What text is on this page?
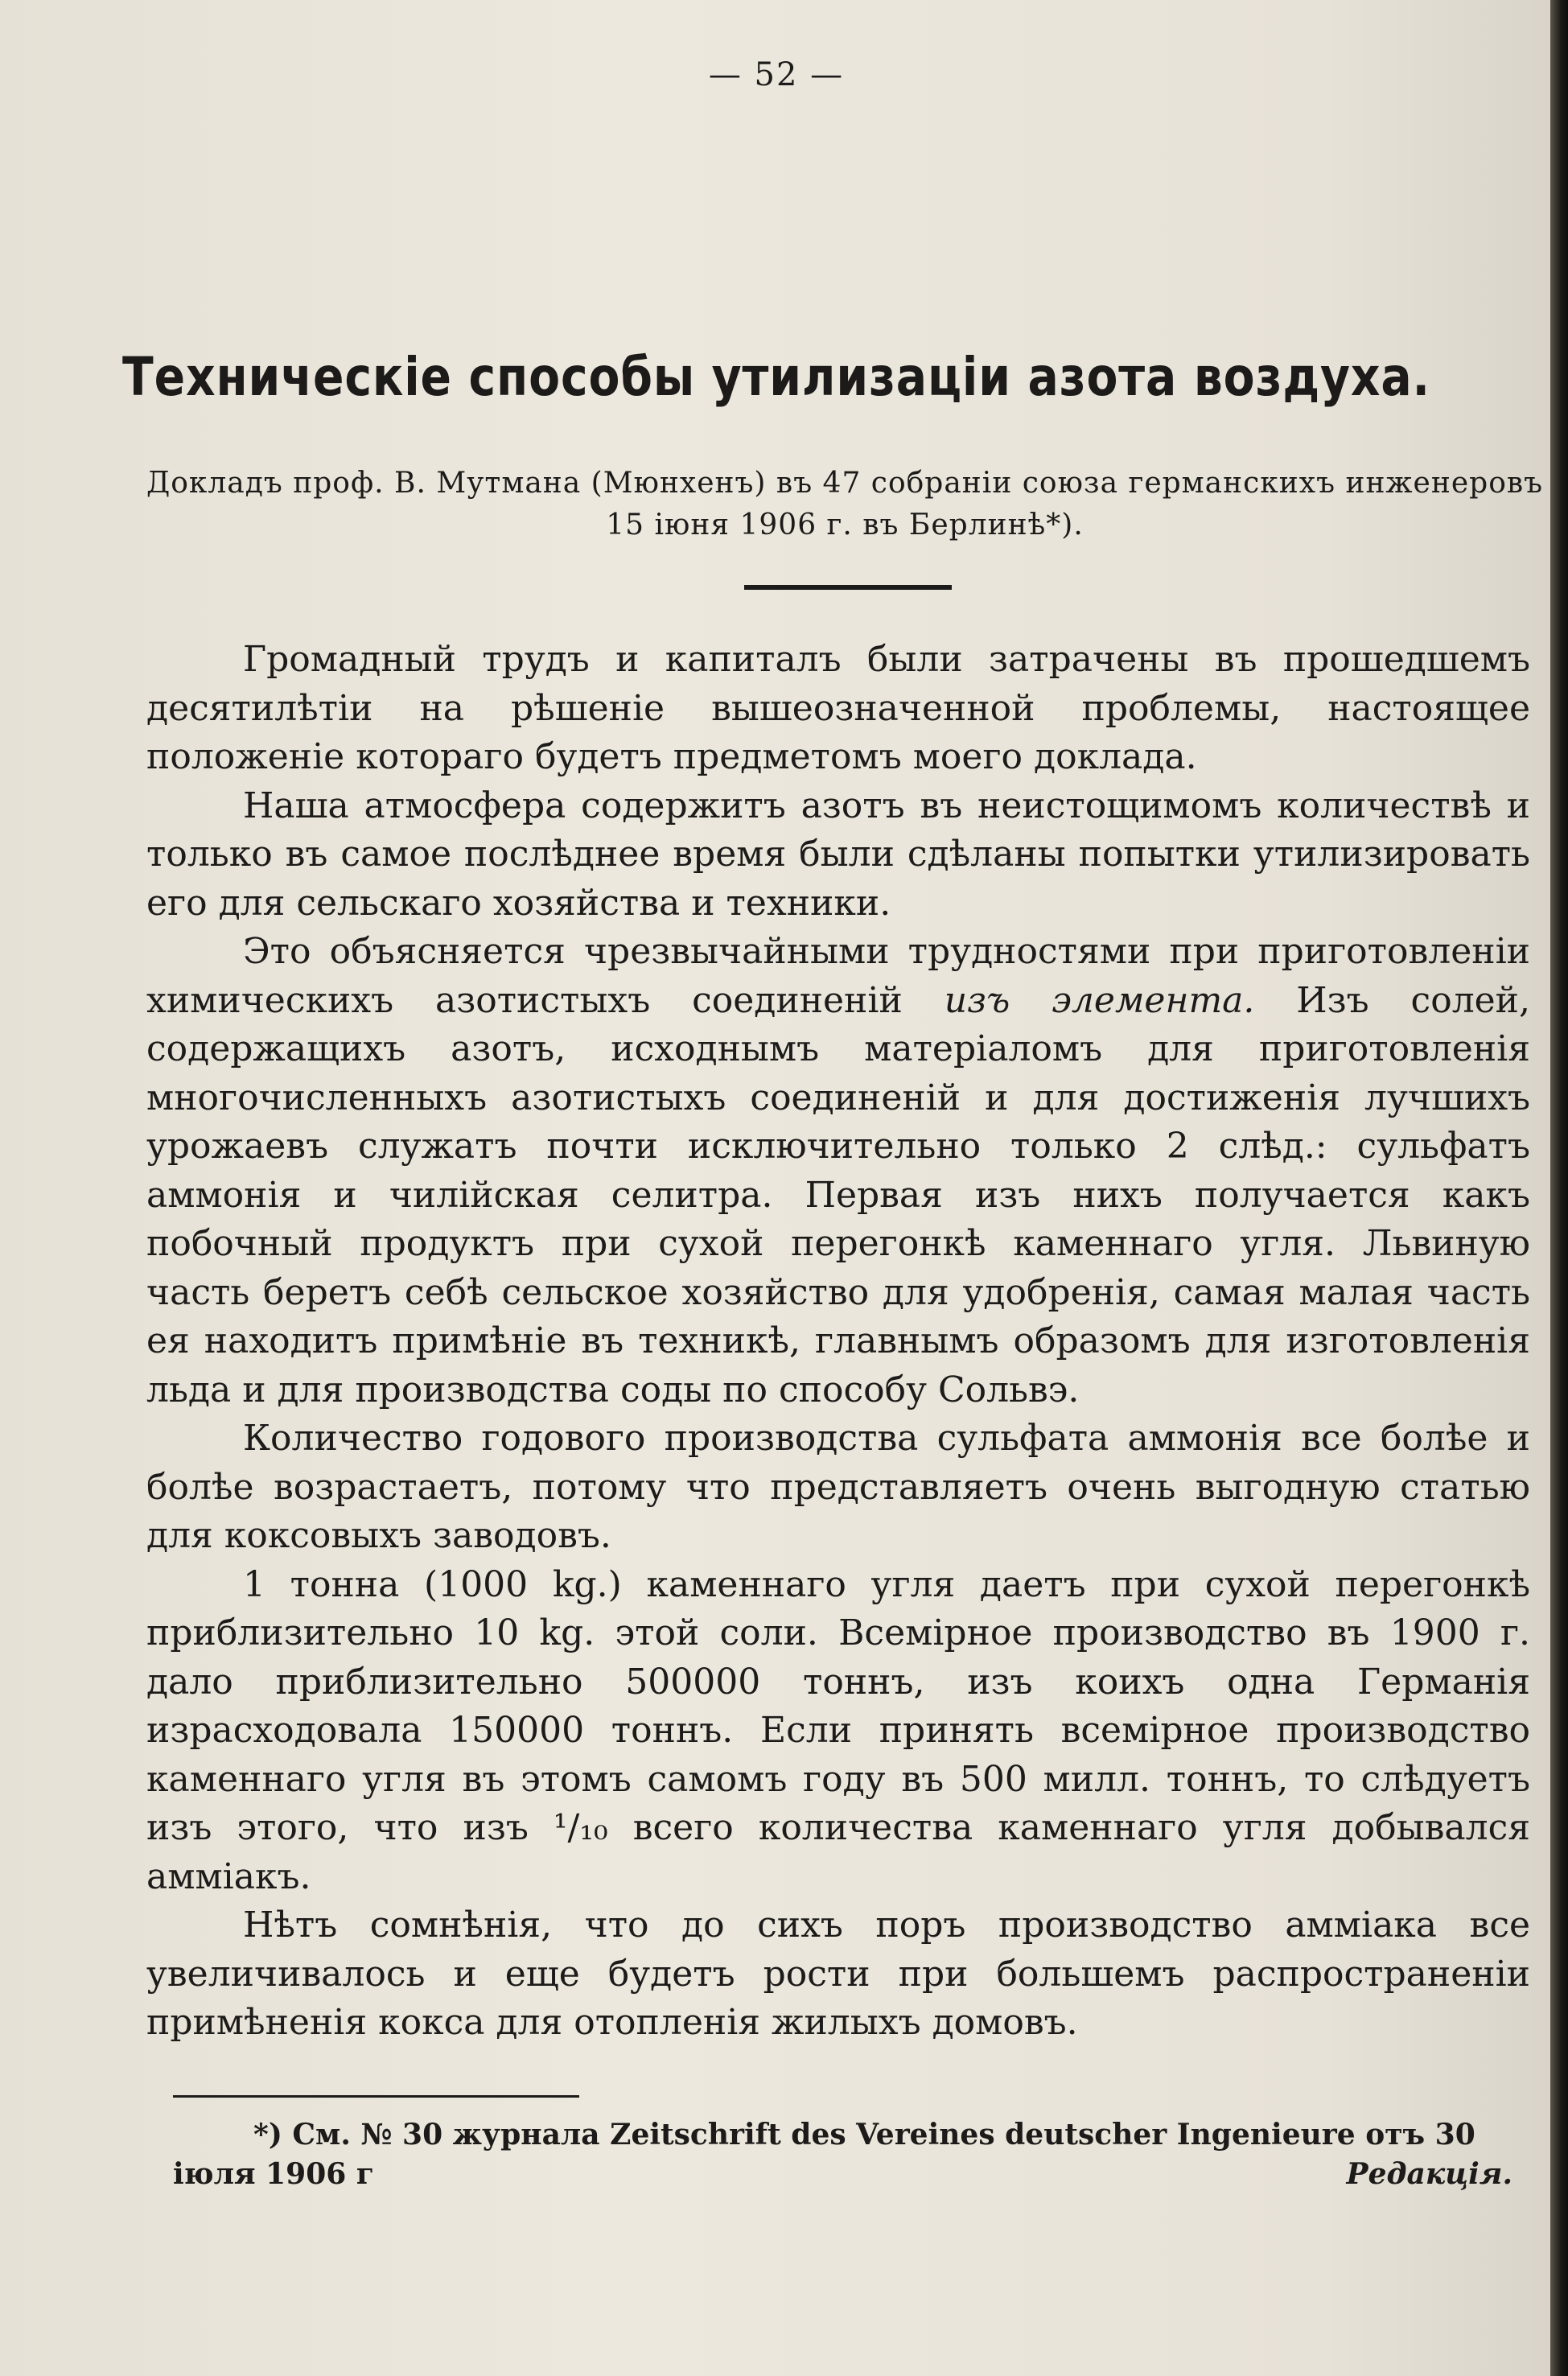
— 52 —
Техническіе способы утилизаціи азота воздуха.
Докладъ проф. В. Мутмана (Мюнхенъ) въ 47 собраніи союза германскихъ инженеровъ 15 іюня 1906 г. въ Берлинѣ*).

Громадный трудъ и капиталъ были затрачены въ прошедшемъ десятилѣтіи на рѣшеніе вышеозначенной проблемы, настоящее положеніе котораго будетъ предметомъ моего доклада.

Наша атмосфера содержитъ азотъ въ неистощимомъ количествѣ и только въ самое послѣднее время были сдѣланы попытки утилизировать его для сельскаго хозяйства и техники.

Это объясняется чрезвычайными трудностями при приготовленіи химическихъ азотистыхъ соединеній изъ элемента. Изъ солей, содержащихъ азотъ, исходнымъ матеріаломъ для приготовленія многочисленныхъ азотистыхъ соединеній и для достиженія лучшихъ урожаевъ служатъ почти исключительно только 2 слѣд.: сульфатъ аммонія и чилійская селитра. Первая изъ нихъ получается какъ побочный продуктъ при сухой перегонкѣ каменнаго угля. Львиную часть беретъ себѣ сельское хозяйство для удобренія, самая малая часть ея находитъ примѣніе въ техникѣ, главнымъ образомъ для изготовленія льда и для производства соды по способу Сольвэ.

Количество годового производства сульфата аммонія все болѣе и болѣе возрастаетъ, потому что представляетъ очень выгодную статью для коксовыхъ заводовъ.

1 тонна (1000 kg.) каменнаго угля даетъ при сухой перегонкѣ приблизительно 10 kg. этой соли. Всемірное производство въ 1900 г. дало приблизительно 500000 тоннъ, изъ коихъ одна Германія израсходовала 150000 тоннъ. Если принять всемірное производство каменнаго угля въ этомъ самомъ году въ 500 милл. тоннъ, то слѣдуетъ изъ этого, что изъ ¹/₁₀ всего количества каменнаго угля добывался аммiакъ.

Нѣтъ сомнѣнія, что до сихъ поръ производство аммiака все увеличивалось и еще будетъ рости при большемъ распространеніи примѣненія кокса для отопленія жилыхъ домовъ.

*) См. № 30 журнала Zeitschrift des Vereines deutscher Ingenieure отъ 30
іюля 1906 г	Редакція.
